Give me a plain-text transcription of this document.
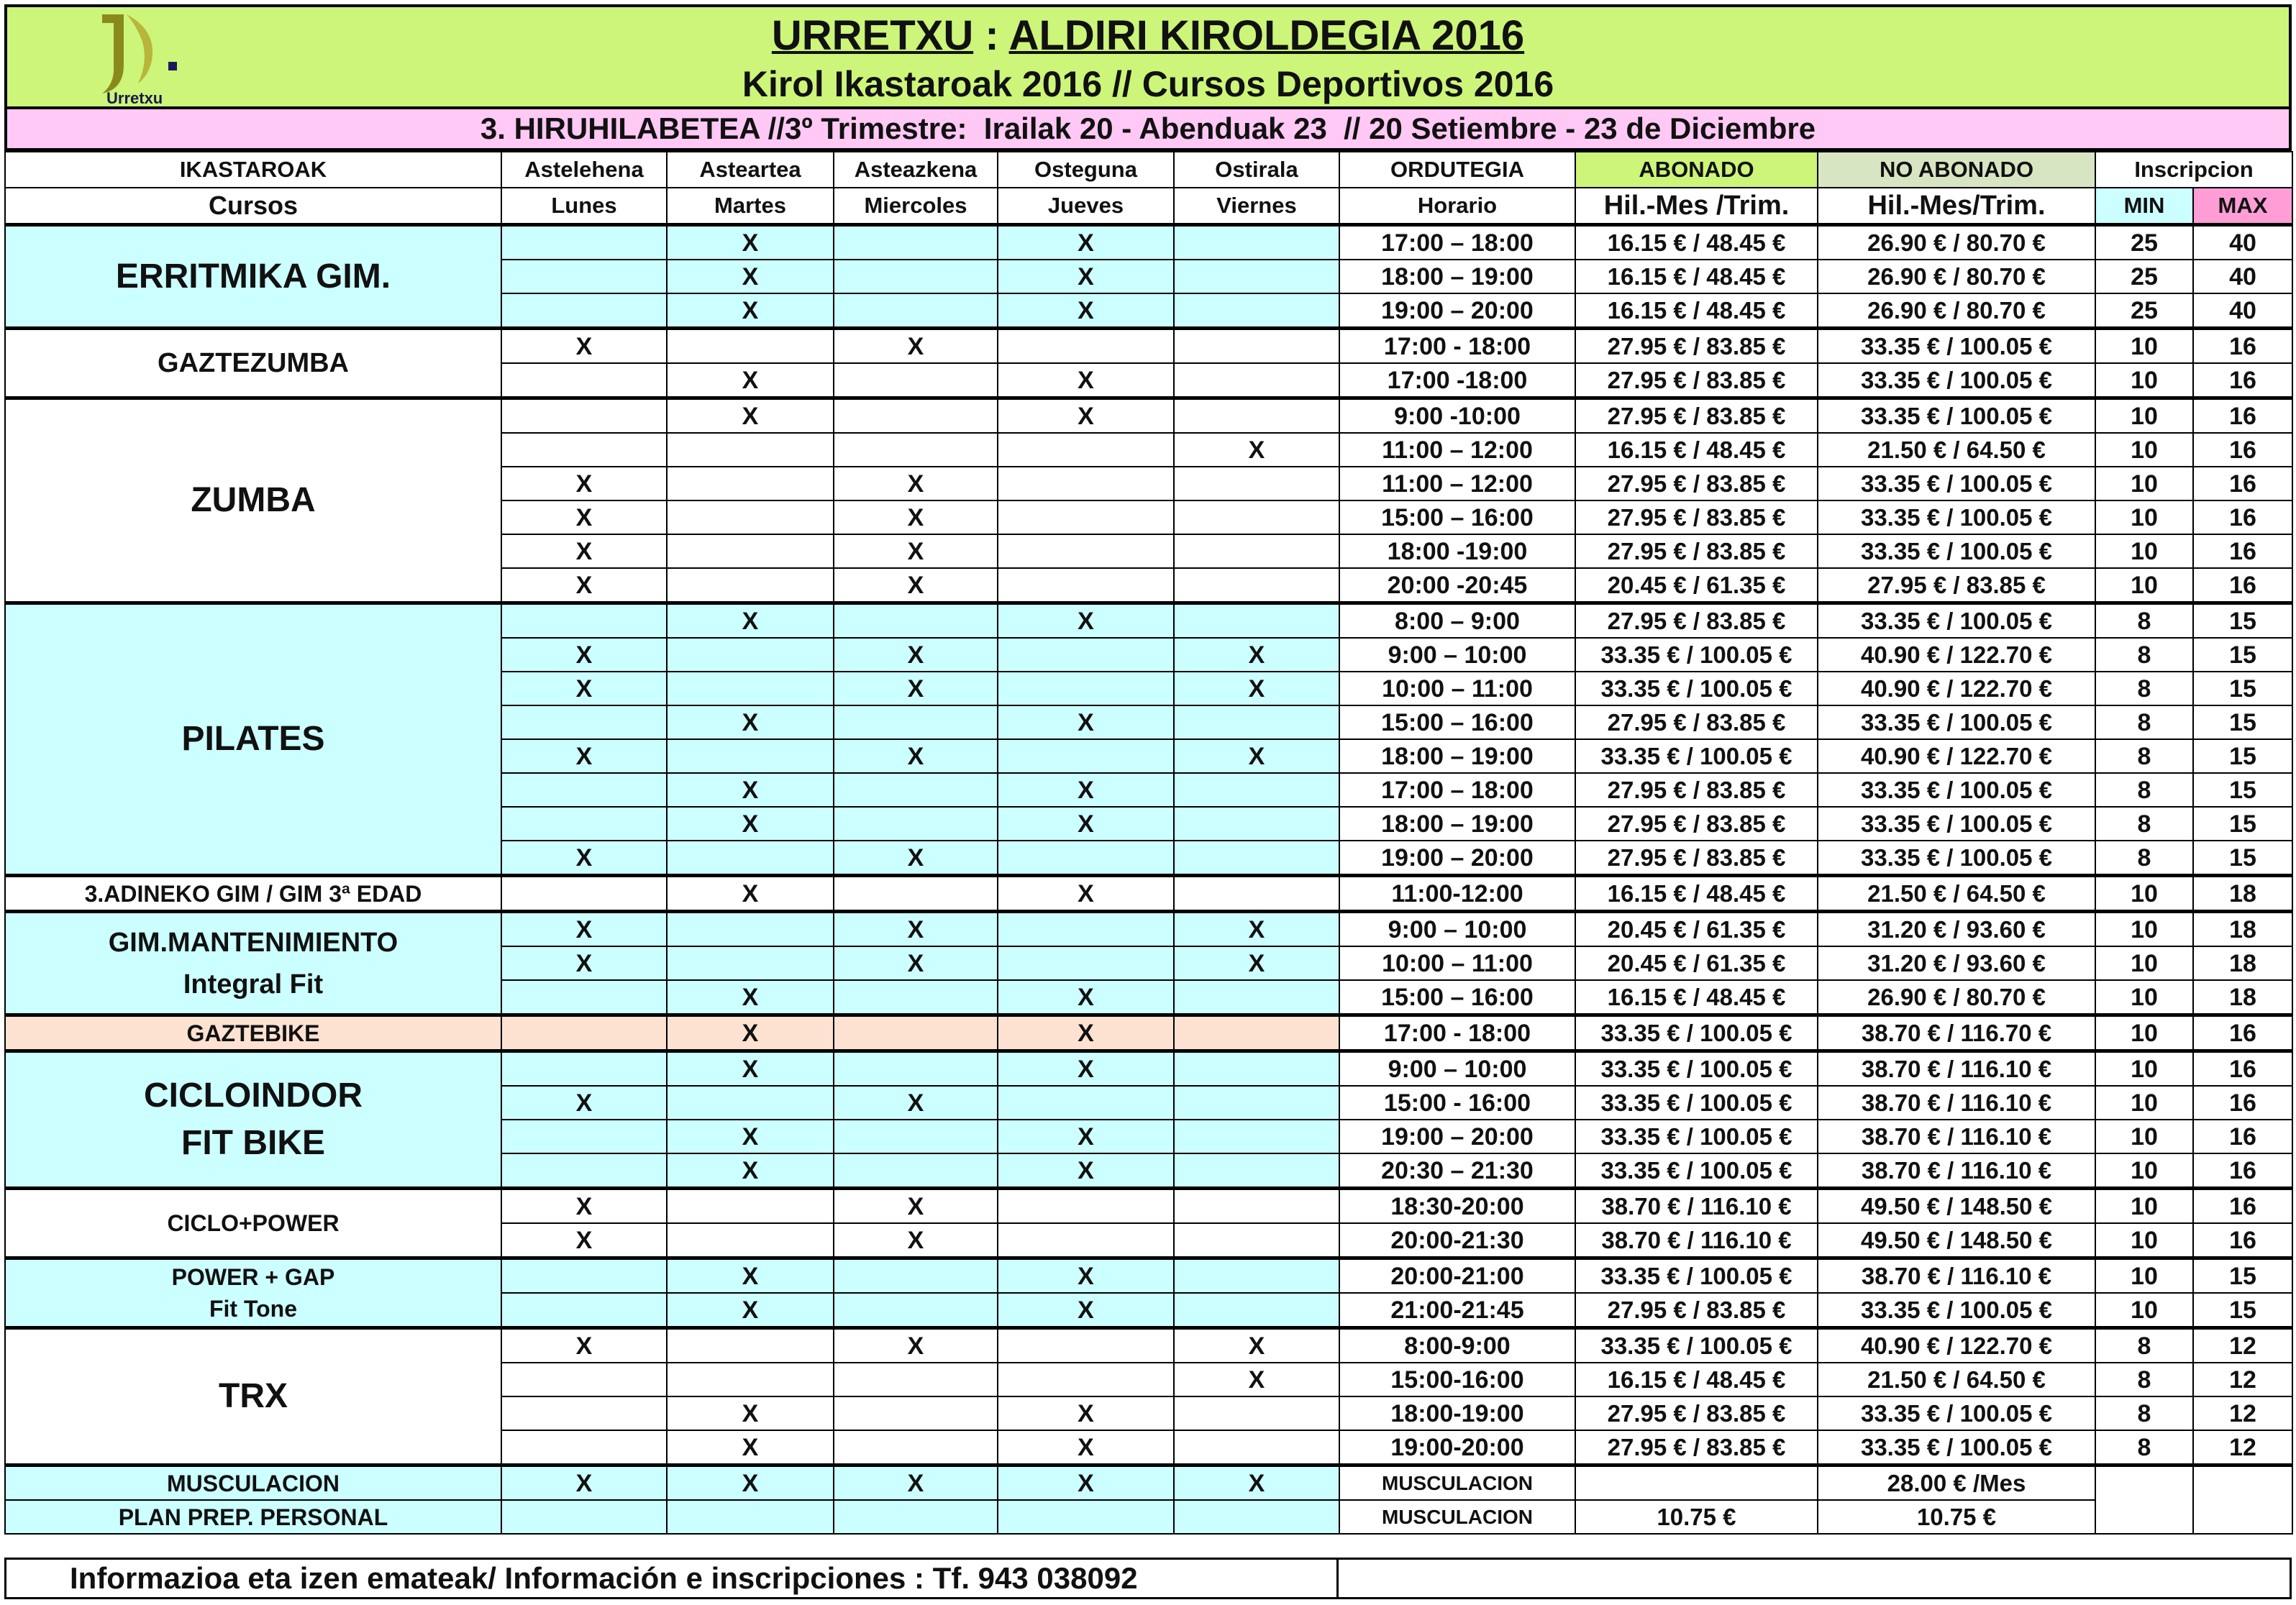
Urretxu
URRETXU : ALDIRI KIROLDEGIA 2016
Kirol Ikastaroak 2016 // Cursos Deportivos 2016
3. HIRUHILABETEA //3º Trimestre:  Irailak 20 - Abenduak 23  // 20 Setiembre - 23 de Diciembre
IKASTAROAK	Astelehena	Asteartea	Asteazkena	Osteguna	Ostirala	ORDUTEGIA	ABONADO	NO ABONADO	Inscripcion	
Cursos	Lunes	Martes	Miercoles	Jueves	Viernes	Horario	Hil.-Mes /Trim.	Hil.-Mes/Trim.	MIN	MAX

ERRITMIKA GIM.		X		X		17:00 – 18:00	16.15 € / 48.45 €	26.90 € / 80.70 €	25	40
		X		X		18:00 – 19:00	16.15 € / 48.45 €	26.90 € / 80.70 €	25	40
		X		X		19:00 – 20:00	16.15 € / 48.45 €	26.90 € / 80.70 €	25	40

GAZTEZUMBA	X		X			17:00 - 18:00	27.95 € / 83.85 €	33.35 € / 100.05 €	10	16
		X		X		17:00 -18:00	27.95 € / 83.85 €	33.35 € / 100.05 €	10	16

ZUMBA		X		X		9:00 -10:00	27.95 € / 83.85 €	33.35 € / 100.05 €	10	16
					X	11:00 – 12:00	16.15 € / 48.45 €	21.50 € / 64.50 €	10	16
	X		X			11:00 – 12:00	27.95 € / 83.85 €	33.35 € / 100.05 €	10	16
	X		X			15:00 – 16:00	27.95 € / 83.85 €	33.35 € / 100.05 €	10	16
	X		X			18:00 -19:00	27.95 € / 83.85 €	33.35 € / 100.05 €	10	16
	X		X			20:00 -20:45	20.45 € / 61.35 €	27.95 € / 83.85 €	10	16

PILATES		X		X		8:00 – 9:00	27.95 € / 83.85 €	33.35 € / 100.05 €	8	15
	X		X		X	9:00 – 10:00	33.35 € / 100.05 €	40.90 € / 122.70 €	8	15
	X		X		X	10:00 – 11:00	33.35 € / 100.05 €	40.90 € / 122.70 €	8	15
		X		X		15:00 – 16:00	27.95 € / 83.85 €	33.35 € / 100.05 €	8	15
	X		X		X	18:00 – 19:00	33.35 € / 100.05 €	40.90 € / 122.70 €	8	15
		X		X		17:00 – 18:00	27.95 € / 83.85 €	33.35 € / 100.05 €	8	15
		X		X		18:00 – 19:00	27.95 € / 83.85 €	33.35 € / 100.05 €	8	15
	X		X			19:00 – 20:00	27.95 € / 83.85 €	33.35 € / 100.05 €	8	15

3.ADINEKO GIM / GIM 3ª EDAD		X		X		11:00-12:00	16.15 € / 48.45 €	21.50 € / 64.50 €	10	18

GIM.MANTENIMIENTO
Integral Fit	X		X		X	9:00 – 10:00	20.45 € / 61.35 €	31.20 € / 93.60 €	10	18
	X		X		X	10:00 – 11:00	20.45 € / 61.35 €	31.20 € / 93.60 €	10	18
		X		X		15:00 – 16:00	16.15 € / 48.45 €	26.90 € / 80.70 €	10	18

GAZTEBIKE		X		X		17:00 - 18:00	33.35 € / 100.05 €	38.70 € / 116.70 €	10	16

CICLOINDOR
FIT BIKE		X		X		9:00 – 10:00	33.35 € / 100.05 €	38.70 € / 116.10 €	10	16
	X		X			15:00 - 16:00	33.35 € / 100.05 €	38.70 € / 116.10 €	10	16
		X		X		19:00 – 20:00	33.35 € / 100.05 €	38.70 € / 116.10 €	10	16
		X		X		20:30 – 21:30	33.35 € / 100.05 €	38.70 € / 116.10 €	10	16

CICLO+POWER	X		X			18:30-20:00	38.70 € / 116.10 €	49.50 € / 148.50 €	10	16
	X		X			20:00-21:30	38.70 € / 116.10 €	49.50 € / 148.50 €	10	16

POWER + GAP
Fit Tone		X		X		20:00-21:00	33.35 € / 100.05 €	38.70 € / 116.10 €	10	15
		X		X		21:00-21:45	27.95 € / 83.85 €	33.35 € / 100.05 €	10	15

TRX	X		X		X	8:00-9:00	33.35 € / 100.05 €	40.90 € / 122.70 €	8	12
					X	15:00-16:00	16.15 € / 48.45 €	21.50 € / 64.50 €	8	12
		X		X		18:00-19:00	27.95 € / 83.85 €	33.35 € / 100.05 €	8	12
		X		X		19:00-20:00	27.95 € / 83.85 €	33.35 € / 100.05 €	8	12
MUSCULACION	X	X	X	X	X	MUSCULACION		28.00 € /Mes		
PLAN PREP. PERSONAL						MUSCULACION	10.75 €	10.75 €		
Informazioa eta izen emateak/ Información e inscripciones : Tf. 943 038092
